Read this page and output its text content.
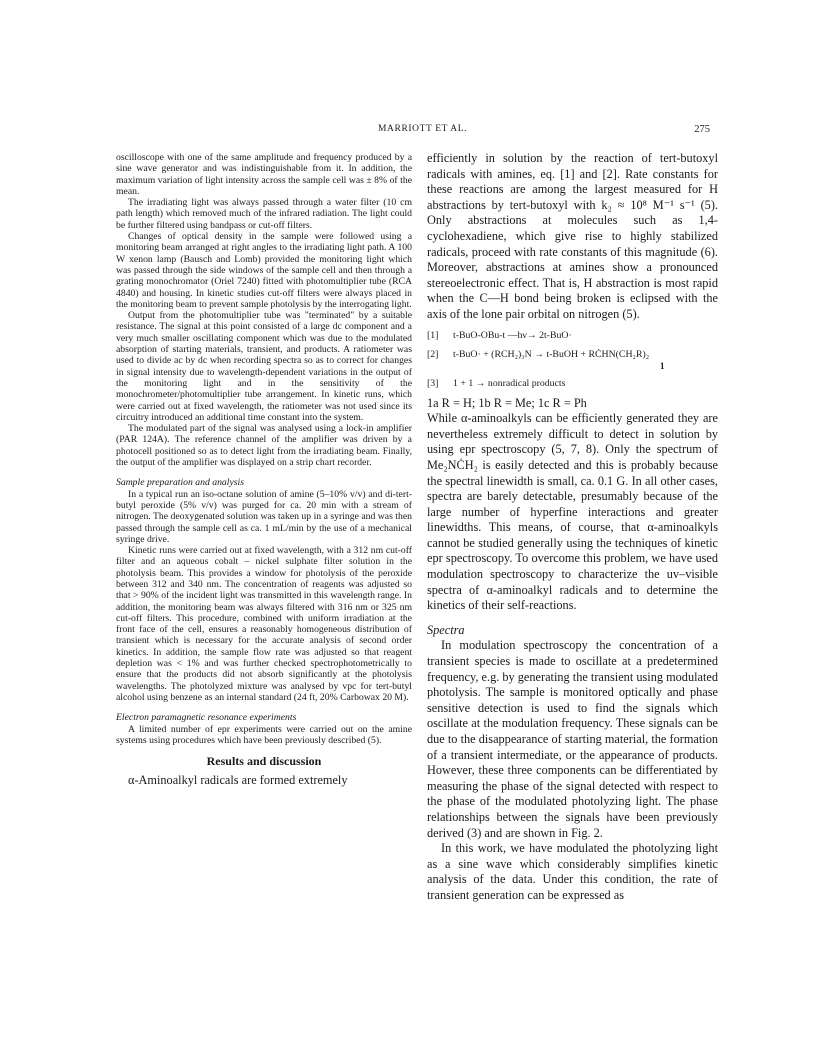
MARRIOTT ET AL.	275

oscilloscope with one of the same amplitude and frequency produced by a sine wave generator and was indistinguishable from it. In addition, the maximum variation of light intensity across the sample cell was ± 8% of the mean.

The irradiating light was always passed through a water filter (10 cm path length) which removed much of the infrared radiation. The light could be further filtered using bandpass or cut-off filters.

Changes of optical density in the sample were followed using a monitoring beam arranged at right angles to the irradiating light path. A 100 W xenon lamp (Bausch and Lomb) provided the monitoring light which was passed through the side windows of the sample cell and then through a grating monochromator (Oriel 7240) fitted with photomultiplier tube (RCA 4840) and housing. In kinetic studies cut-off filters were always placed in the monitoring beam to prevent sample photolysis by the interrogating light.

Output from the photomultiplier tube was "terminated" by a suitable resistance. The signal at this point consisted of a large dc component and a very much smaller oscillating component which was due to the modulated absorption of starting materials, transient, and products. A ratiometer was used to divide ac by dc when recording spectra so as to correct for changes in signal intensity due to wavelength-dependent variations in the output of the monitoring light and in the sensitivity of the monochrometer/photomultiplier tube arrangement. In kinetic runs, which were carried out at fixed wavelength, the ratiometer was not used since its circuitry introduced an additional time constant into the system.

The modulated part of the signal was analysed using a lock-in amplifier (PAR 124A). The reference channel of the amplifier was driven by a photocell positioned so as to detect light from the irradiating beam. Finally, the output of the amplifier was displayed on a strip chart recorder.

Sample preparation and analysis

In a typical run an iso-octane solution of amine (5–10% v/v) and di-tert-butyl peroxide (5% v/v) was purged for ca. 20 min with a stream of nitrogen. The deoxygenated solution was taken up in a syringe and was then passed through the sample cell as ca. 1 mL/min by the use of a mechanical syringe drive.

Kinetic runs were carried out at fixed wavelength, with a 312 nm cut-off filter and an aqueous cobalt – nickel sulphate filter solution in the photolysis beam. This provides a window for photolysis of the peroxide between 312 and 340 nm. The concentration of reagents was adjusted so that > 90% of the incident light was transmitted in this wavelength range. In addition, the monitoring beam was always filtered with 316 nm or 325 nm cut-off filters. This procedure, combined with uniform irradiation at the front face of the cell, ensures a reasonably homogeneous distribution of transient which is necessary for the accurate analysis of second order kinetics. In addition, the sample flow rate was adjusted so that reagent depletion was < 1% and was further checked spectrophotometrically to ensure that the products did not absorb significantly at the photolysis wavelengths. The photolyzed mixture was analysed by vpc for tert-butyl alcohol using benzene as an internal standard (24 ft, 20% Carbowax 20 M).

Electron paramagnetic resonance experiments

A limited number of epr experiments were carried out on the amine systems using procedures which have been previously described (5).

Results and discussion

α-Aminoalkyl radicals are formed extremely

efficiently in solution by the reaction of tert-butoxyl radicals with amines, eq. [1] and [2]. Rate constants for these reactions are among the largest measured for H abstractions by tert-butoxyl with k₂ ≈ 10⁸ M⁻¹ s⁻¹ (5). Only abstractions at molecules such as 1,4-cyclohexadiene, which give rise to highly stabilized radicals, proceed with rate constants of this magnitude (6). Moreover, abstractions at amines show a pronounced stereoelectronic effect. That is, H abstraction is most rapid when the C—H bond being broken is eclipsed with the axis of the lone pair orbital on nitrogen (5).

[1]	t-BuO-OBu-t —hν→ 2t-BuO·
[2]	t-BuO· + (RCH₂)₃N → t-BuOH + RĊHN(CH₂R)₂
1
[3]	1 + 1 → nonradical products

1a R = H; 1b R = Me; 1c R = Ph

While α-aminoalkyls can be efficiently generated they are nevertheless extremely difficult to detect in solution by using epr spectroscopy (5, 7, 8). Only the spectrum of Me₂NĊH₂ is easily detected and this is probably because the spectral linewidth is small, ca. 0.1 G. In all other cases, spectra are barely detectable, presumably because of the large number of hyperfine interactions and greater linewidths. This means, of course, that α-aminoalkyls cannot be studied generally using the techniques of kinetic epr spectroscopy. To overcome this problem, we have used modulation spectroscopy to characterize the uv–visible spectra of α-aminoalkyl radicals and to determine the kinetics of their self-reactions.

Spectra

In modulation spectroscopy the concentration of a transient species is made to oscillate at a predetermined frequency, e.g. by generating the transient using modulated photolysis. The sample is monitored optically and phase sensitive detection is used to find the signals which oscillate at the modulation frequency. These signals can be due to the disappearance of starting material, the formation of a transient intermediate, or the appearance of products. However, these three components can be differentiated by measuring the phase of the signal detected with respect to the phase of the modulated photolyzing light. The phase relationships between the signals have been previously derived (3) and are shown in Fig. 2.

In this work, we have modulated the photolyzing light as a sine wave which considerably simplifies kinetic analysis of the data. Under this condition, the rate of transient generation can be expressed as
